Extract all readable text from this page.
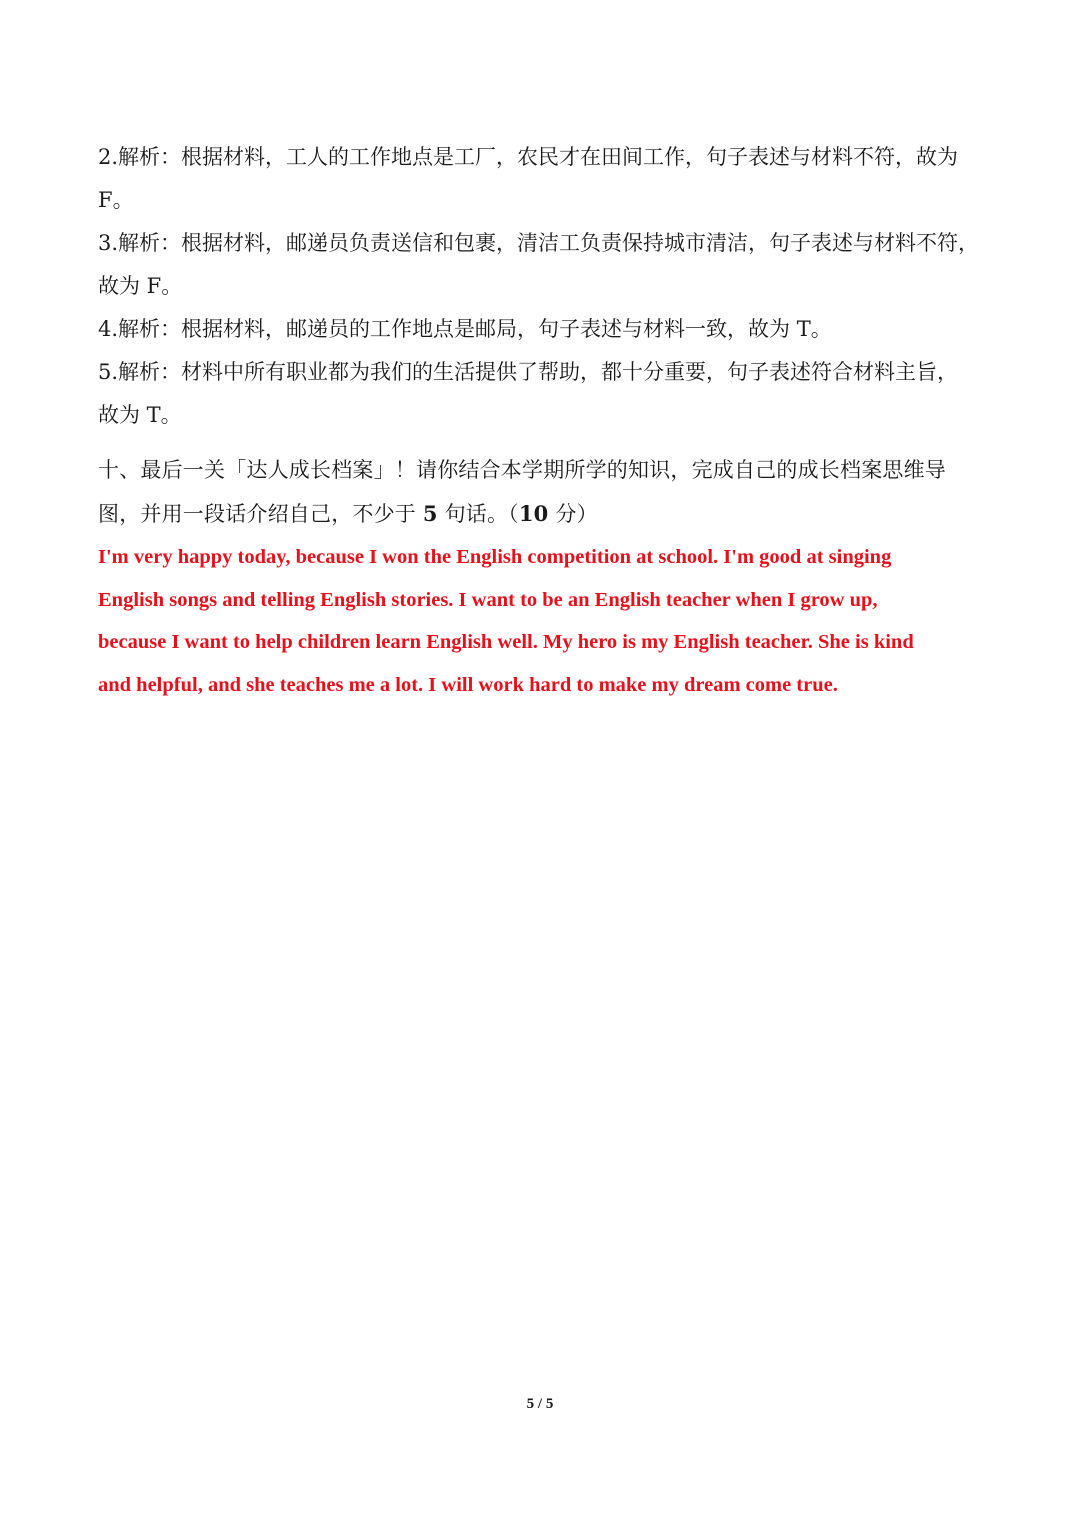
2.解析：根据材料，工人的工作地点是工厂，农民才在田间工作，句子表述与材料不符，故为

F。

3.解析：根据材料，邮递员负责送信和包裹，清洁工负责保持城市清洁，句子表述与材料不符，

故为 F。

4.解析：根据材料，邮递员的工作地点是邮局，句子表述与材料一致，故为 T。

5.解析：材料中所有职业都为我们的生活提供了帮助，都十分重要，句子表述符合材料主旨，

故为 T。

十、最后一关「达人成长档案」！请你结合本学期所学的知识，完成自己的成长档案思维导

图，并用一段话介绍自己，不少于 5 句话。（10 分）

I'm very happy today, because I won the English competition at school. I'm good at singing

English songs and telling English stories. I want to be an English teacher when I grow up,

because I want to help children learn English well. My hero is my English teacher. She is kind

and helpful, and she teaches me a lot. I will work hard to make my dream come true.

5 / 5
